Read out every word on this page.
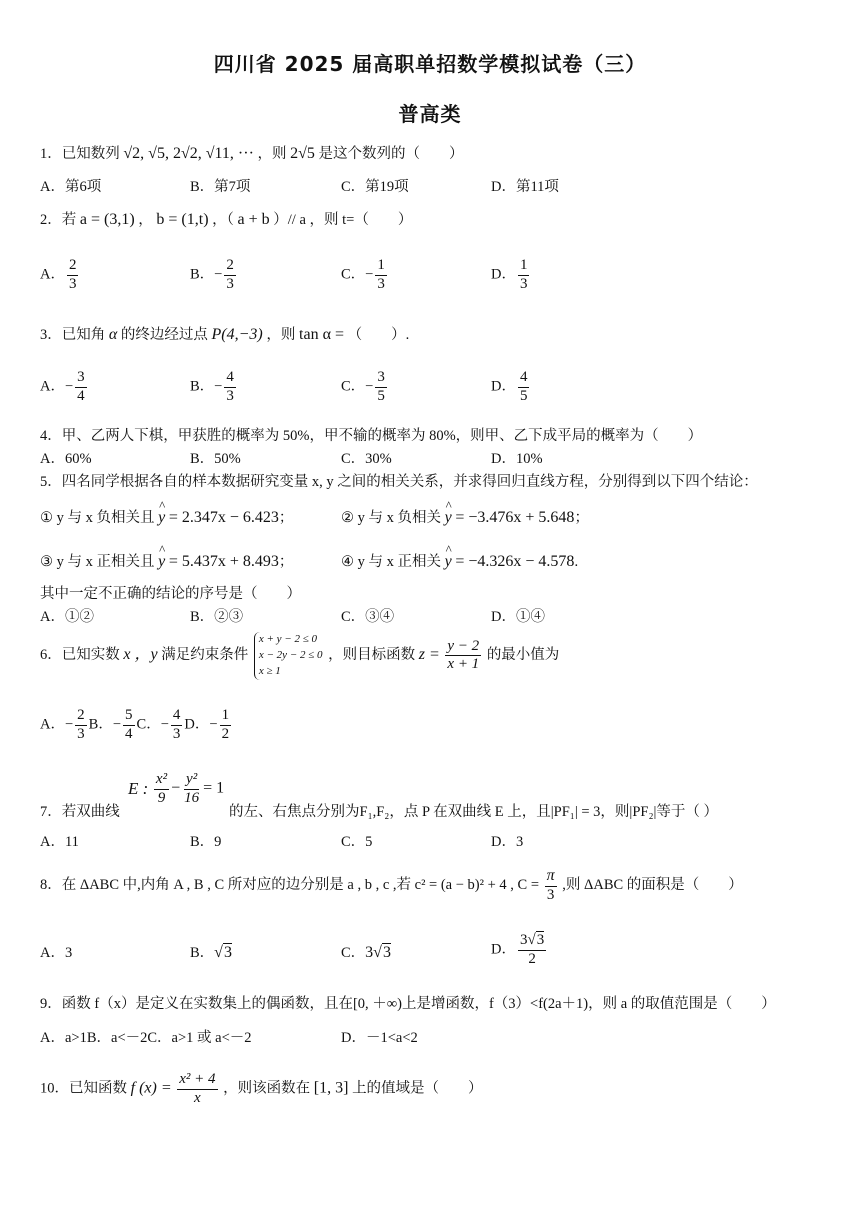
四川省 2025 届高职单招数学模拟试卷（三）
普高类
1．已知数列 √2, √5, 2√2, √11, ··· ，则 2√5 是这个数列的（　　）
A．第6项	B．第7项	C．第19项	D．第11项
2．若 a = (3,1) ， b = (1,t) ，（ a + b ）// a ，则 t=（　　）
A． $\frac{2}{3}$	B．− $\frac{2}{3}$	C．− $\frac{1}{3}$	D． $\frac{1}{3}$
3．已知角 α 的终边经过点 P(4,−3) ，则 tan α = （　　）.
A．− $\frac{3}{4}$	B．− $\frac{4}{3}$	C．− $\frac{3}{5}$	D． $\frac{4}{5}$
4．甲、乙两人下棋，甲获胜的概率为 50%，甲不输的概率为 80%，则甲、乙下成平局的概率为（　　）
A．60%	B．50%	C．30%	D．10%
5．四名同学根据各自的样本数据研究变量 x, y 之间的相关关系，并求得回归直线方程，分别得到以下四个结论：
① y 与 x 负相关且
^
y = 2.347x − 6.423；	② y 与 x 负相关
^
y = −3.476x + 5.648；
③ y 与 x 正相关且
^
y = 5.437x + 8.493；	④ y 与 x 正相关
^
y = −4.326x − 4.578.
其中一定不正确的结论的序号是（　　）
A．①②	B．②③	C．③④	D．①④
6．已知实数 x ，y 满足约束条件 x + y − 2 ≤ 0
x − 2y − 2 ≤ 0
x ≥ 1 ，则目标函数 $z = \frac{y - 2}{x + 1}$ 的最小值为
A．− $\frac{2}{3}$ B．− $\frac{5}{4}$ C．− $\frac{4}{3}$ D．− $\frac{1}{2}$
E : $\frac{\text{x²}}{9} - \frac{\text{y²}}{16} = 1$
7．若双曲线	的左、右焦点分别为F₁,F₂，点 P 在双曲线 E 上，且|PF₁| = 3，则|PF₂|等于（ ）
A．11	B．9	C．5	D．3
8．在 ΔABC 中,内角 A , B , C 所对应的边分别是 a , b , c ,若 c² = (a − b)² + 4 , $C = \frac{\pi}{3}$ ,则 ΔABC 的面积是（　　）
A．3	B．√3	C．3√3	D． $\frac{3√3}{2}$
9．函数 f（x）是定义在实数集上的偶函数，且在[0, ＋∞)上是增函数，f（3）<f(2a＋1)，则 a 的取值范围是（　　）
A．a>1B．a<－2C．a>1 或 a<－2	D．－1<a<2
10．已知函数 f $(x) = \frac{\text{x² + 4}}{x}$ ，则该函数在 [1, 3] 上的值域是（　　）
